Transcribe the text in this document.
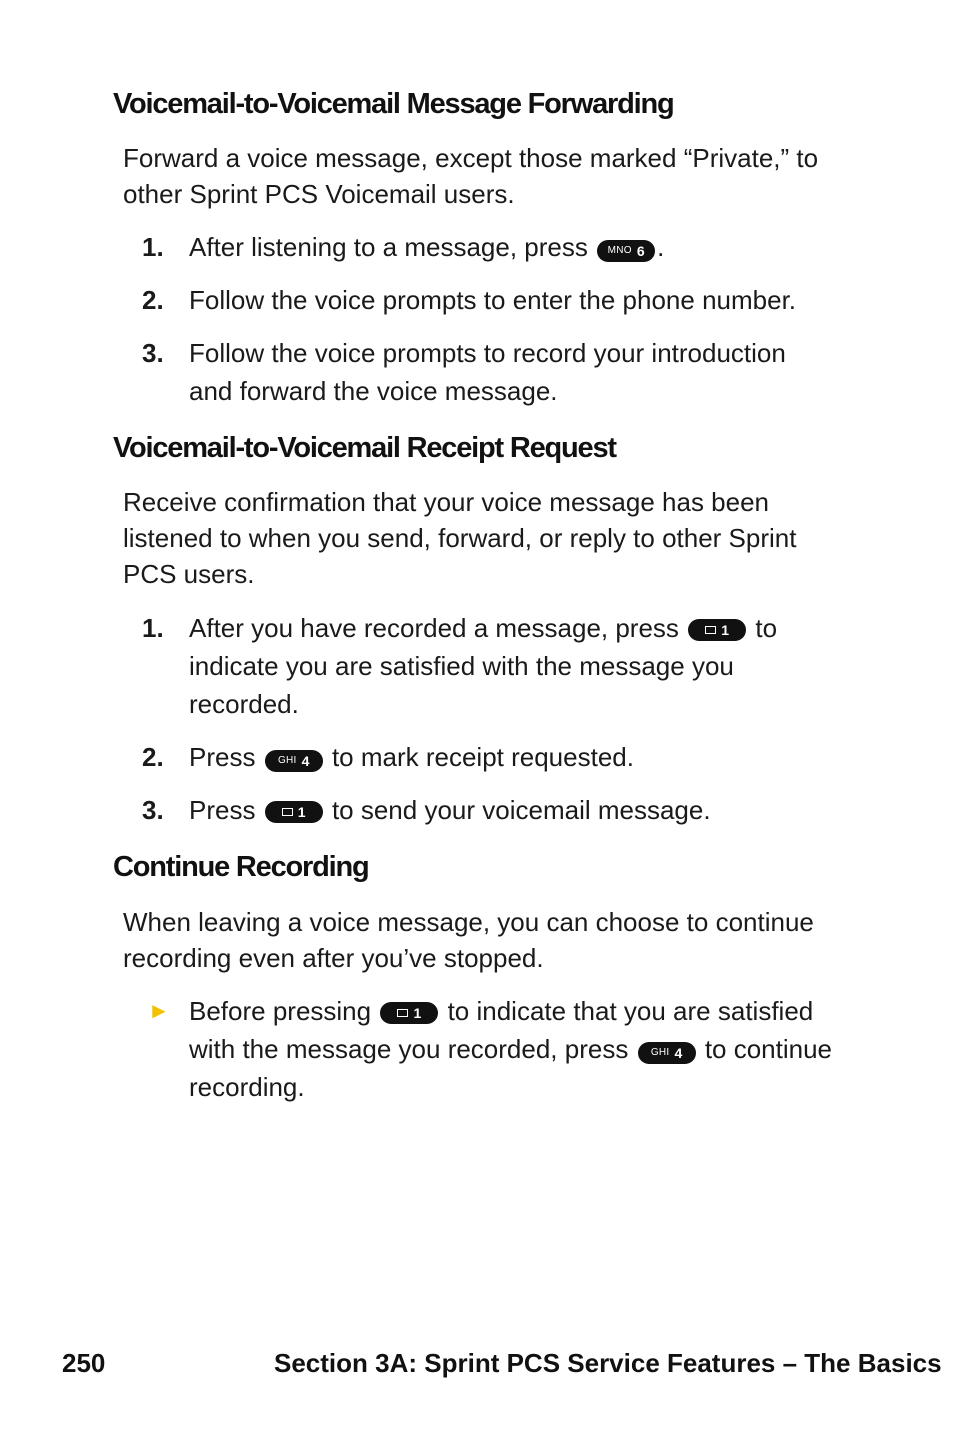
Voicemail-to-Voicemail Message Forwarding

Forward a voice message, except those marked “Private,” to other Sprint PCS Voicemail users.

1. After listening to a message, press MNO 6 .
2. Follow the voice prompts to enter the phone number.
3. Follow the voice prompts to record your introduction and forward the voice message.
Voicemail-to-Voicemail Receipt Request

Receive confirmation that your voice message has been listened to when you send, forward, or reply to other Sprint PCS users.

1. After you have recorded a message, press	1 to indicate you are satisfied with the message you recorded.
2. Press GHI 4 to mark receipt requested.
3. Press	1 to send your voicemail message.
Continue Recording

When leaving a voice message, you can choose to continue recording even after you’ve stopped.

► Before pressing	1 to indicate that you are satisfied with the message you recorded, press GHI 4 to continue recording.
250	Section 3A: Sprint PCS Service Features – The Basics
